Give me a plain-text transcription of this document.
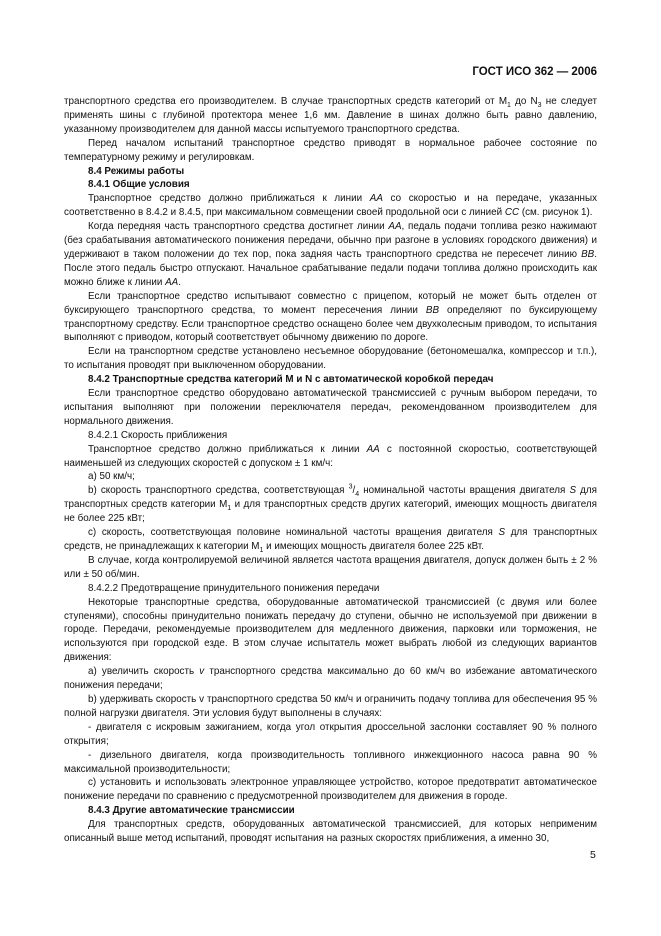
ГОСТ ИСО 362 — 2006

транспортного средства его производителем. В случае транспортных средств категорий от $М_1$ до $N_3$ не следует применять шины с глубиной протектора менее 1,6 мм. Давление в шинах должно быть равно давлению, указанному производителем для данной массы испытуемого транспортного средства.

Перед началом испытаний транспортное средство приводят в нормальное рабочее состояние по температурному режиму и регулировкам.

8.4 Режимы работы

8.4.1 Общие условия

Транспортное средство должно приближаться к линии AA со скоростью и на передаче, указанных соответственно в 8.4.2 и 8.4.5, при максимальном совмещении своей продольной оси с линией CC (см. рисунок 1).

Когда передняя часть транспортного средства достигнет линии AA, педаль подачи топлива резко нажимают (без срабатывания автоматического понижения передачи, обычно при разгоне в условиях городского движения) и удерживают в таком положении до тех пор, пока задняя часть транспортного средства не пересечет линию BB. После этого педаль быстро отпускают. Начальное срабатывание педали подачи топлива должно происходить как можно ближе к линии AA.

Если транспортное средство испытывают совместно с прицепом, который не может быть отделен от буксирующего транспортного средства, то момент пересечения линии BB определяют по буксирующему транспортному средству. Если транспортное средство оснащено более чем двухколесным приводом, то испытания выполняют с приводом, который соответствует обычному движению по дороге.

Если на транспортном средстве установлено несъемное оборудование (бетономешалка, компрессор и т.п.), то испытания проводят при выключенном оборудовании.

8.4.2 Транспортные средства категорий М и N с автоматической коробкой передач

Если транспортное средство оборудовано автоматической трансмиссией с ручным выбором передачи, то испытания выполняют при положении переключателя передач, рекомендованном производителем для нормального движения.

8.4.2.1 Скорость приближения

Транспортное средство должно приближаться к линии AA с постоянной скоростью, соответствующей наименьшей из следующих скоростей с допуском ± 1 км/ч:

а) 50 км/ч;

b) скорость транспортного средства, соответствующая $^3/_4$ номинальной частоты вращения двигателя S для транспортных средств категории $М_1$ и для транспортных средств других категорий, имеющих мощность двигателя не более 225 кВт;

с) скорость, соответствующая половине номинальной частоты вращения двигателя S для транспортных средств, не принадлежащих к категории $М_1$ и имеющих мощность двигателя более 225 кВт.

В случае, когда контролируемой величиной является частота вращения двигателя, допуск должен быть ± 2 % или ± 50 об/мин.

8.4.2.2 Предотвращение принудительного понижения передачи

Некоторые транспортные средства, оборудованные автоматической трансмиссией (с двумя или более ступенями), способны принудительно понижать передачу до ступени, обычно не используемой при движении в городе. Передачи, рекомендуемые производителем для медленного движения, парковки или торможения, не используются при городской езде. В этом случае испытатель может выбрать любой из следующих вариантов движения:

а) увеличить скорость v транспортного средства максимально до 60 км/ч во избежание автоматического понижения передачи;

b) удерживать скорость v транспортного средства 50 км/ч и ограничить подачу топлива для обеспечения 95 % полной нагрузки двигателя. Эти условия будут выполнены в случаях:

- двигателя с искровым зажиганием, когда угол открытия дроссельной заслонки составляет 90 % полного открытия;

- дизельного двигателя, когда производительность топливного инжекционного насоса равна 90 % максимальной производительности;

с) установить и использовать электронное управляющее устройство, которое предотвратит автоматическое понижение передачи по сравнению с предусмотренной производителем для движения в городе.

8.4.3 Другие автоматические трансмиссии

Для транспортных средств, оборудованных автоматической трансмиссией, для которых неприменим описанный выше метод испытаний, проводят испытания на разных скоростях приближения, а именно 30,

5
